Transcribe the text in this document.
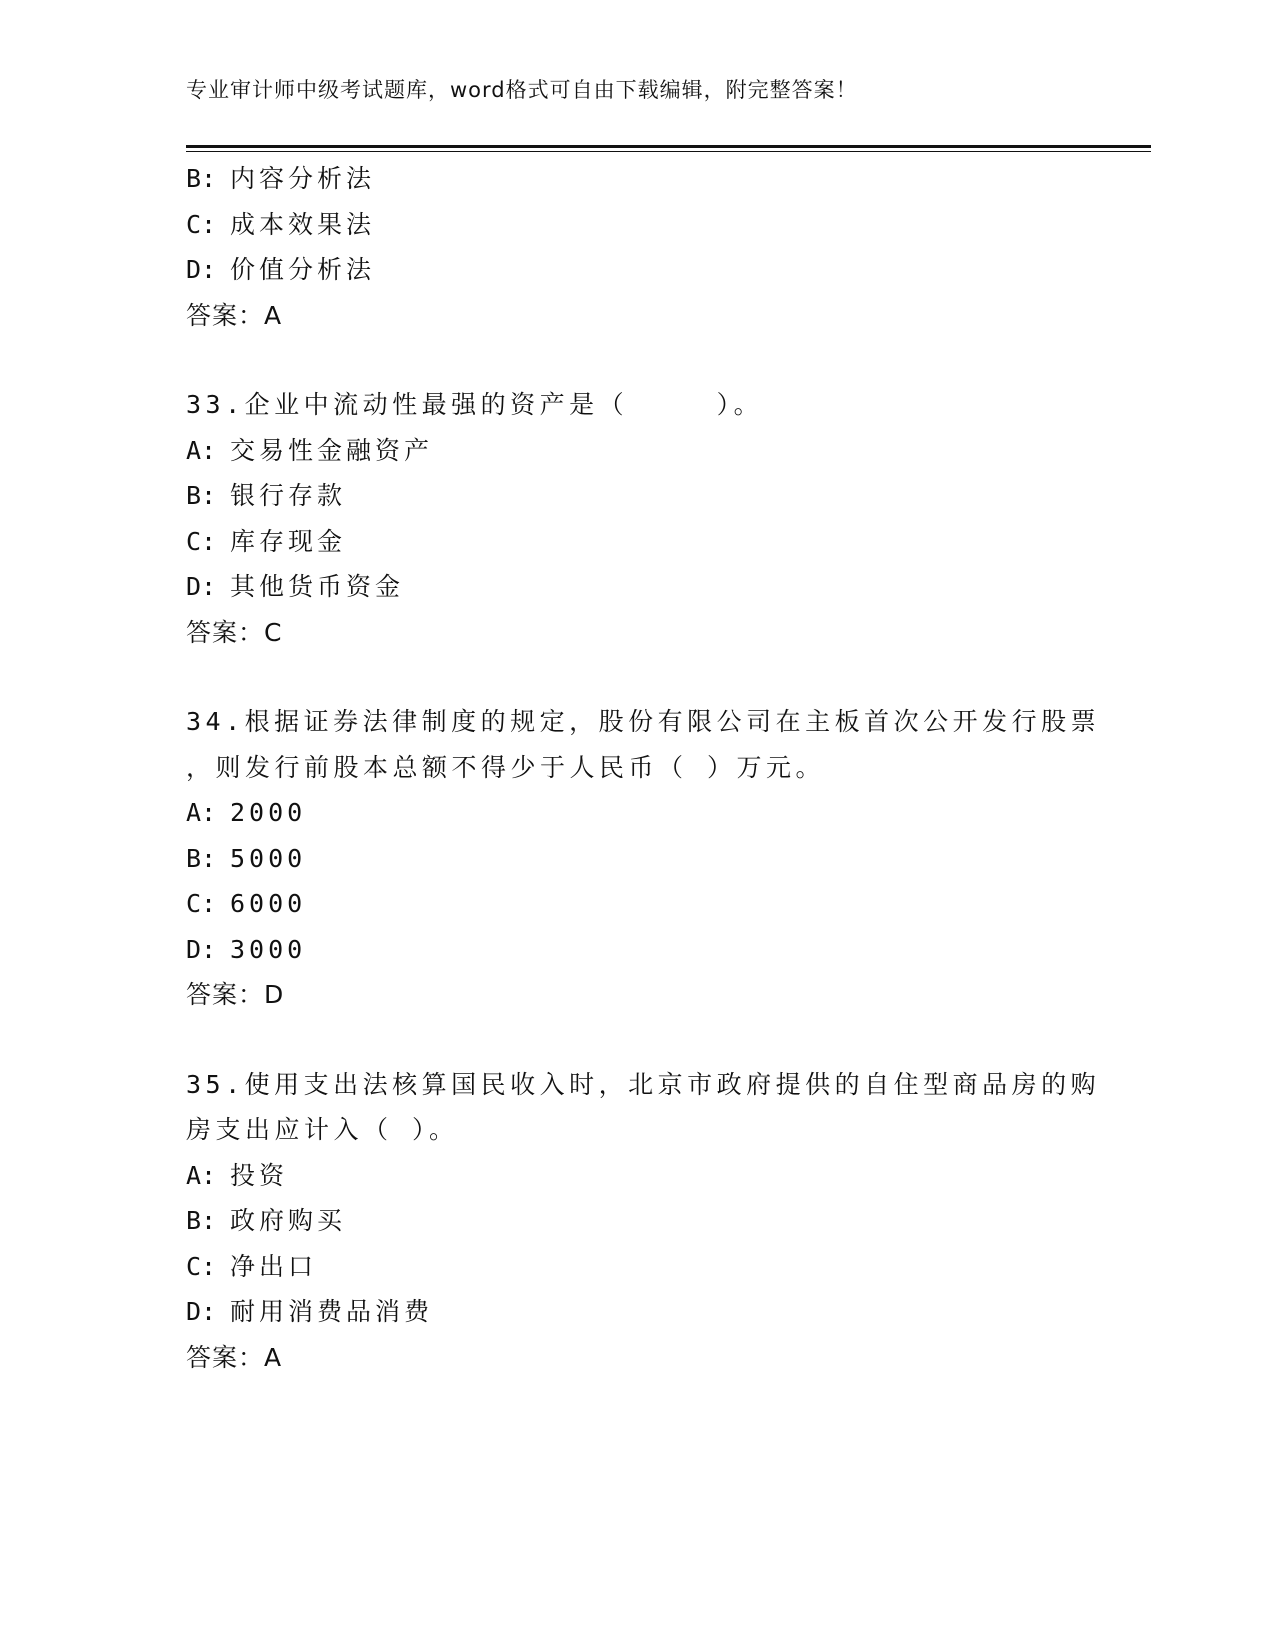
专业审计师中级考试题库，word格式可自由下载编辑，附完整答案！
B: 内容分析法
C: 成本效果法
D: 价值分析法
答案：A
33.企业中流动性最强的资产是（　　　）。
A: 交易性金融资产
B: 银行存款
C: 库存现金
D: 其他货币资金
答案：C
34.根据证券法律制度的规定，股份有限公司在主板首次公开发行股票
，则发行前股本总额不得少于人民币（ ）万元。
A: 2000
B: 5000
C: 6000
D: 3000
答案：D
35.使用支出法核算国民收入时，北京市政府提供的自住型商品房的购
房支出应计入（ ）。
A: 投资
B: 政府购买
C: 净出口
D: 耐用消费品消费
答案：A
